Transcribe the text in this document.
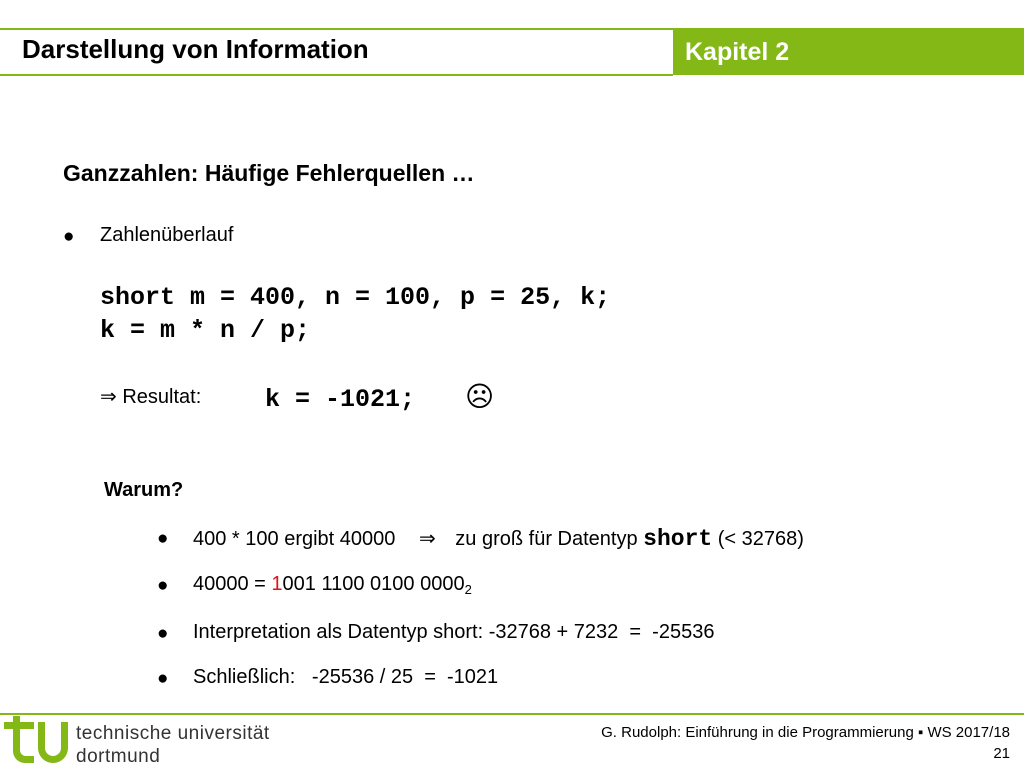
Darstellung von Information	Kapitel 2
Ganzzahlen: Häufige Fehlerquellen …
● Zahlenüberlauf
short m = 400, n = 100, p = 25, k;
k = m * n / p;
⇒ Resultat:	k = -1021; ☹
Warum?
● 400 * 100 ergibt 40000 ⇒ zu groß für Datentyp short (< 32768)
● 40000 = 1001 1100 0100 $0000_2$
● Interpretation als Datentyp short: -32768 + 7232  =  -25536
● Schließlich:   -25536 / 25  =  -1021
technische universität
dortmund
G. Rudolph: Einführung in die Programmierung ▪ WS 2017/18
21
